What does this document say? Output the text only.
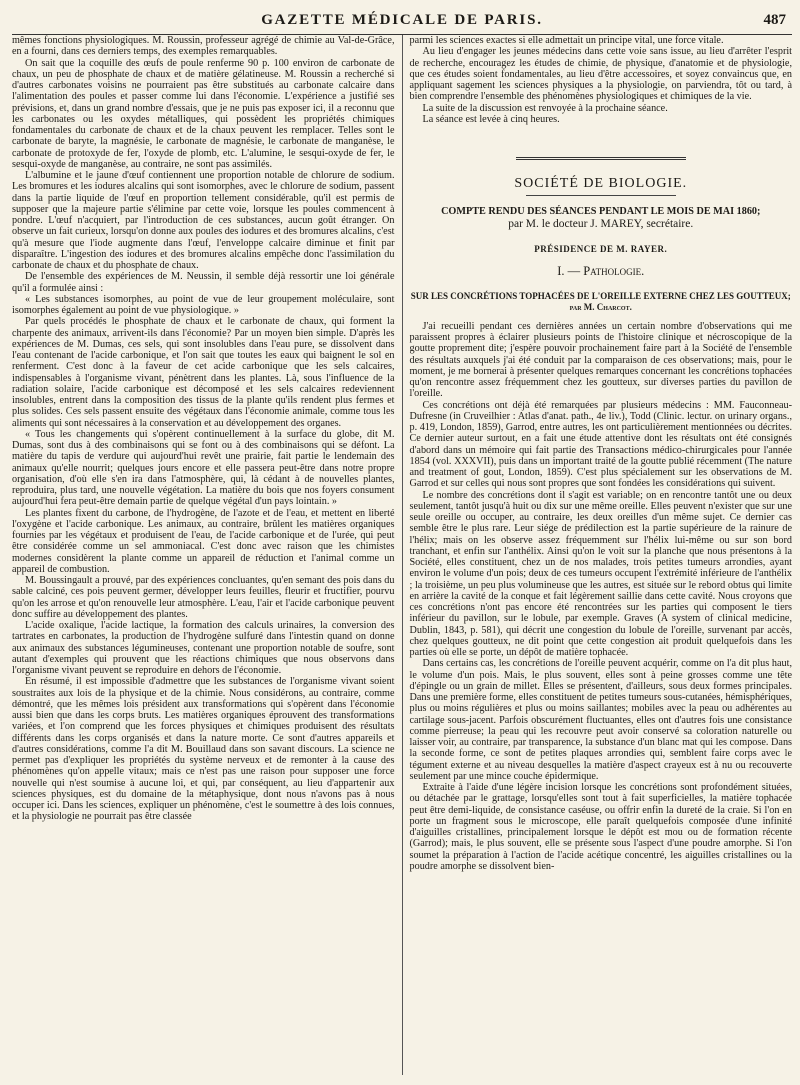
GAZETTE MÉDICALE DE PARIS.	487

mêmes fonctions physiologiques. M. Roussin, professeur agrégé de chimie au Val-de-Grâce, en a fourni, dans ces derniers temps, des exemples remarquables.

On sait que la coquille des œufs de poule renferme 90 p. 100 environ de carbonate de chaux, un peu de phosphate de chaux et de matière gélatineuse. M. Roussin a recherché si d'autres carbonates voisins ne pourraient pas être substitués au carbonate calcaire dans l'alimentation des poules et passer comme lui dans l'économie. L'expérience a justifié ses prévisions, et, dans un grand nombre d'essais, que je ne puis pas exposer ici, il a reconnu que les carbonates ou les oxydes métalliques, qui possèdent les propriétés chimiques fondamentales du carbonate de chaux et de la chaux peuvent les remplacer. Telles sont le carbonate de baryte, la magnésie, le carbonate de magnésie, le carbonate de manganèse, le carbonate de protoxyde de fer, l'oxyde de plomb, etc. L'alumine, le sesqui-oxyde de fer, le sesqui-oxyde de manganèse, au contraire, ne sont pas assimilés.

L'albumine et le jaune d'œuf contiennent une proportion notable de chlorure de sodium. Les bromures et les iodures alcalins qui sont isomorphes, avec le chlorure de sodium, passent dans la partie liquide de l'œuf en proportion tellement considérable, qu'il est permis de supposer que la majeure partie s'élimine par cette voie, lorsque les poules commencent à pondre. L'œuf n'acquiert, par l'introduction de ces substances, aucun goût étranger. On observe un fait curieux, lorsqu'on donne aux poules des iodures et des bromures alcalins, c'est qu'à mesure que l'iode augmente dans l'œuf, l'enveloppe calcaire diminue et finit par disparaître. L'ingestion des iodures et des bromures alcalins empêche donc l'assimilation du carbonate de chaux et du phosphate de chaux.

De l'ensemble des expériences de M. Neussin, il semble déjà ressortir une loi générale qu'il a formulée ainsi :

« Les substances isomorphes, au point de vue de leur groupement moléculaire, sont isomorphes également au point de vue physiologique. »

Par quels procédés le phosphate de chaux et le carbonate de chaux, qui forment la charpente des animaux, arrivent-ils dans l'économie? Par un moyen bien simple. D'après les expériences de M. Dumas, ces sels, qui sont insolubles dans l'eau pure, se dissolvent dans l'eau contenant de l'acide carbonique, et l'on sait que toutes les eaux qui baignent le sol en renferment. C'est donc à la faveur de cet acide carbonique que les sels calcaires, indispensables à l'organisme vivant, pénètrent dans les plantes. Là, sous l'influence de la radiation solaire, l'acide carbonique est décomposé et les sels calcaires redeviennent insolubles, entrent dans la composition des tissus de la plante qu'ils rendent plus fermes et plus solides. Ces sels passent ensuite des végétaux dans l'économie animale, comme tous les aliments qui sont nécessaires à la conservation et au développement des organes.

« Tous les changements qui s'opèrent continuellement à la surface du globe, dit M. Dumas, sont dus à des combinaisons qui se font ou à des combinaisons qui se défont. La matière du tapis de verdure qui aujourd'hui revêt une prairie, fait partie le lendemain des animaux qu'elle nourrit; quelques jours encore et elle passera peut-être dans notre propre organisation, d'où elle s'en ira dans l'atmosphère, qui, là cédant à de nouvelles plantes, reproduira, plus tard, une nouvelle végétation. La matière du bois que nos foyers consument aujourd'hui fera peut-être demain partie de quelque végétal d'un pays lointain. »

Les plantes fixent du carbone, de l'hydrogène, de l'azote et de l'eau, et mettent en liberté l'oxygène et l'acide carbonique. Les animaux, au contraire, brûlent les matières organiques fournies par les végétaux et produisent de l'eau, de l'acide carbonique et de l'urée, qui peut être considérée comme un sel ammoniacal. C'est donc avec raison que les chimistes modernes considèrent la plante comme un appareil de réduction et l'animal comme un appareil de combustion.

M. Boussingault a prouvé, par des expériences concluantes, qu'en semant des pois dans du sable calciné, ces pois peuvent germer, développer leurs feuilles, fleurir et fructifier, pourvu qu'on les arrose et qu'on renouvelle leur atmosphère. L'eau, l'air et l'acide carbonique peuvent donc suffire au développement des plantes.

L'acide oxalique, l'acide lactique, la formation des calculs urinaires, la conversion des tartrates en carbonates, la production de l'hydrogène sulfuré dans l'intestin quand on donne aux animaux des substances légumineuses, contenant une proportion notable de soufre, sont autant d'exemples qui prouvent que les réactions chimiques que nous observons dans l'organisme vivant peuvent se reproduire en dehors de l'économie.

En résumé, il est impossible d'admettre que les substances de l'organisme vivant soient soustraites aux lois de la physique et de la chimie. Nous considérons, au contraire, comme démontré, que les mêmes lois président aux transformations qui s'opèrent dans l'économie aussi bien que dans les corps bruts. Les matières organiques éprouvent des transformations variées, et l'on comprend que les forces physiques et chimiques produisent des résultats différents dans les corps organisés et dans la nature morte. Ce sont d'autres appareils et d'autres considérations, comme l'a dit M. Bouillaud dans son savant discours. La science ne permet pas d'expliquer les propriétés du système nerveux et de remonter à la cause des phénomènes qu'on appelle vitaux; mais ce n'est pas une raison pour supposer une force nouvelle qui n'est soumise à aucune loi, et qui, par conséquent, au lieu d'appartenir aux sciences physiques, est du domaine de la métaphysique, dont nous n'avons pas à nous occuper ici. Dans les sciences, expliquer un phénomène, c'est le soumettre à des lois connues, et la physiologie ne pourrait pas être classée

parmi les sciences exactes si elle admettait un principe vital, une force vitale.

Au lieu d'engager les jeunes médecins dans cette voie sans issue, au lieu d'arrêter l'esprit de recherche, encouragez les études de chimie, de physique, d'anatomie et de physiologie, que ces études soient fondamentales, au lieu d'être accessoires, et soyez convaincus que, en appliquant sagement les sciences physiques a la physiologie, on parviendra, tôt ou tard, à bien comprendre l'ensemble des phénomènes physiologiques et chimiques de la vie.

La suite de la discussion est renvoyée à la prochaine séance.

La séance est levée à cinq heures.

SOCIÉTÉ DE BIOLOGIE.
COMPTE RENDU DES SÉANCES PENDANT LE MOIS DE MAI 1860;
par M. le docteur J. MAREY, secrétaire.
PRÉSIDENCE DE M. RAYER.
I. — Pathologie.
SUR LES CONCRÉTIONS TOPHACÉES DE L'OREILLE EXTERNE CHEZ LES GOUTTEUX;
par M. Charcot.

J'ai recueilli pendant ces dernières années un certain nombre d'observations qui me paraissent propres à éclairer plusieurs points de l'histoire clinique et nécroscopique de la goutte proprement dite; j'espère pouvoir prochainement faire part à la Société de l'ensemble des résultats auxquels j'ai été conduit par la comparaison de ces observations; mais, pour le moment, je me bornerai à présenter quelques remarques concernant les concrétions tophacées qu'on rencontre assez fréquemment chez les goutteux, sur diverses parties du pavillon de l'oreille.

Ces concrétions ont déjà été remarquées par plusieurs médecins : MM. Fauconneau-Dufresne (in Cruveilhier : Atlas d'anat. path., 4e liv.), Todd (Clinic. lectur. on urinary organs., p. 419, London, 1859), Garrod, entre autres, les ont particulièrement mentionnées ou décrites. Ce dernier auteur surtout, en a fait une étude attentive dont les résultats ont été consignés d'abord dans un mémoire qui fait partie des Transactions médico-chirurgicales pour l'année 1854 (vol. XXXVII), puis dans un important traité de la goutte publié récemment (The nature and treatment of gout, London, 1859). C'est plus spécialement sur les observations de M. Garrod et sur celles qui nous sont propres que sont fondées les considérations qui suivent.

Le nombre des concrétions dont il s'agit est variable; on en rencontre tantôt une ou deux seulement, tantôt jusqu'à huit ou dix sur une même oreille. Elles peuvent n'exister que sur une seule oreille ou occuper, au contraire, les deux oreilles d'un même sujet. Ce dernier cas semble être le plus rare. Leur siége de prédilection est la partie supérieure de la rainure de l'hélix; mais on les observe assez fréquemment sur l'hélix lui-même ou sur son bord tranchant, et enfin sur l'anthélix. Ainsi qu'on le voit sur la planche que nous présentons à la Société, elles constituent, chez un de nos malades, trois petites tumeurs arrondies, ayant environ le volume d'un pois; deux de ces tumeurs occupent l'extrémité inférieure de l'anthélix ; la troisième, un peu plus volumineuse que les autres, est située sur le rebord obtus qui limite en arrière la cavité de la conque et fait légèrement saillie dans cette cavité. Nous croyons que ces concrétions n'ont pas encore été rencontrées sur les parties qui composent le tiers inférieur du pavillon, sur le lobule, par exemple. Graves (A system of clinical medicine, Dublin, 1843, p. 581), qui décrit une congestion du lobule de l'oreille, survenant par accès, chez quelques goutteux, ne dit point que cette congestion ait produit quelquefois dans les parties où elle se porte, un dépôt de matière tophacée.

Dans certains cas, les concrétions de l'oreille peuvent acquérir, comme on l'a dit plus haut, le volume d'un pois. Mais, le plus souvent, elles sont à peine grosses comme une tête d'épingle ou un grain de millet. Elles se présentent, d'ailleurs, sous deux formes principales. Dans une première forme, elles constituent de petites tumeurs sous-cutanées, hémisphériques, plus ou moins régulières et plus ou moins saillantes; mobiles avec la peau ou adhérentes au cartilage sous-jacent. Parfois obscurément fluctuantes, elles ont d'autres fois une consistance comme pierreuse; la peau qui les recouvre peut avoir conservé sa coloration naturelle ou laisser voir, au contraire, par transparence, la substance d'un blanc mat qui les compose. Dans la seconde forme, ce sont de petites plaques arrondies qui, semblent faire corps avec le tégument externe et au niveau desquelles la matière d'aspect crayeux est à nu ou recouverte seulement par une mince couche épidermique.

Extraite à l'aide d'une légère incision lorsque les concrétions sont profondément situées, ou détachée par le grattage, lorsqu'elles sont tout à fait superficielles, la matière tophacée peut être demi-liquide, de consistance caséuse, ou offrir enfin la dureté de la craie. Si l'on en porte un fragment sous le microscope, elle paraît quelquefois composée d'une infinité d'aiguilles cristallines, principalement lorsque le dépôt est mou ou de formation récente (Garrod); mais, le plus souvent, elle se présente sous l'aspect d'une poudre amorphe. Si l'on soumet la préparation à l'action de l'acide acétique concentré, les aiguilles cristallines ou la poudre amorphe se dissolvent bien-
